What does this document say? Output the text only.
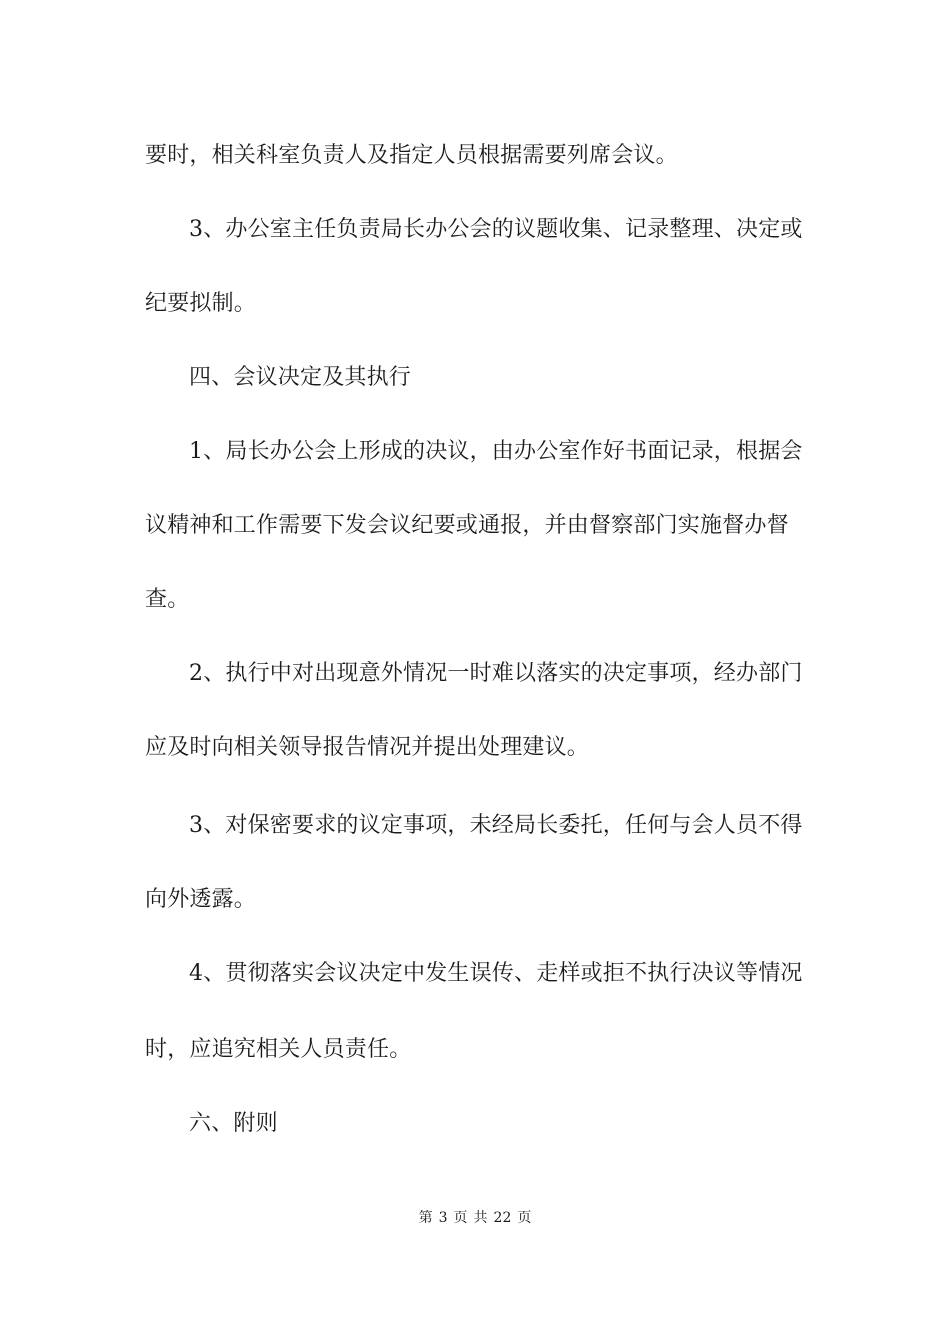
要时，相关科室负责人及指定人员根据需要列席会议。
3、办公室主任负责局长办公会的议题收集、记录整理、决定或
纪要拟制。
四、会议决定及其执行
1、局长办公会上形成的决议，由办公室作好书面记录，根据会
议精神和工作需要下发会议纪要或通报，并由督察部门实施督办督
查。
2、执行中对出现意外情况一时难以落实的决定事项，经办部门
应及时向相关领导报告情况并提出处理建议。
3、对保密要求的议定事项，未经局长委托，任何与会人员不得
向外透露。
4、贯彻落实会议决定中发生误传、走样或拒不执行决议等情况
时，应追究相关人员责任。
六、附则
第 3 页 共 22 页
